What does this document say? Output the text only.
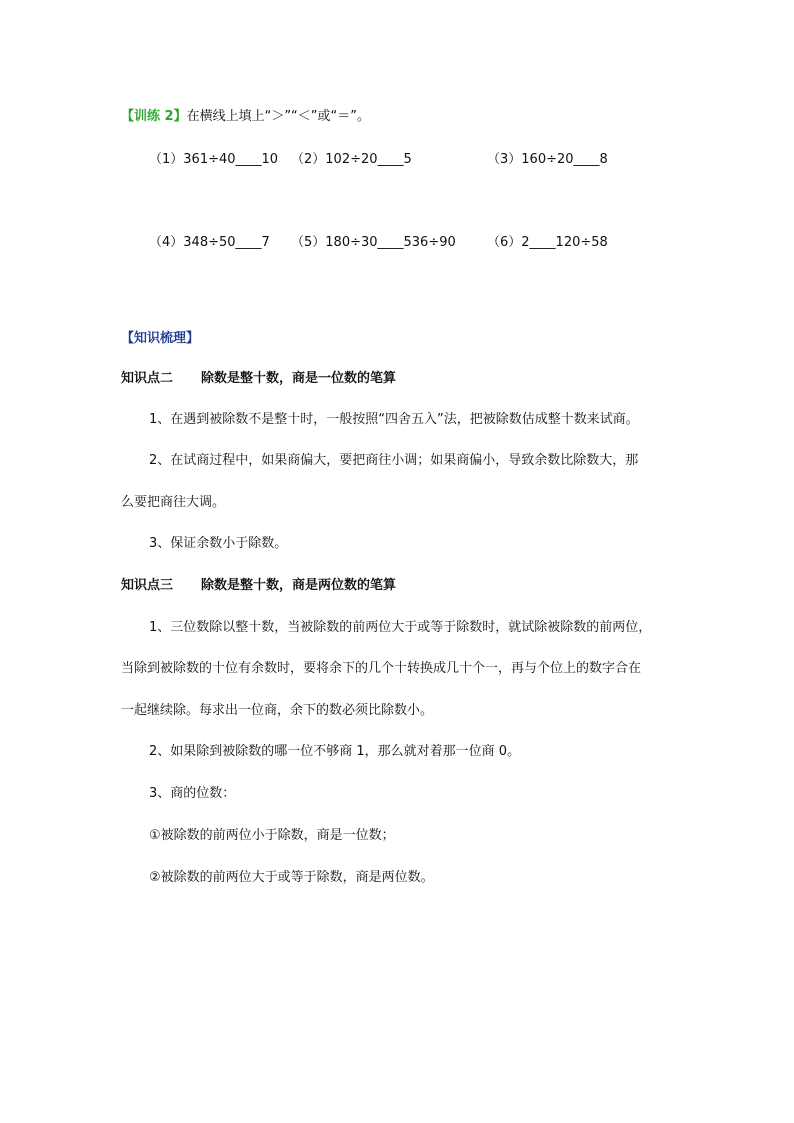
【训练 2】在横线上填上“＞”“＜”或“＝”。
（1）361÷40____10 （2）102÷20____5	（3）160÷20____8
（4）348÷50____7 （5）180÷30____536÷90 （6）2____120÷58
【知识梳理】
知识点二 除数是整十数，商是一位数的笔算
1、在遇到被除数不是整十时，一般按照“四舍五入”法，把被除数估成整十数来试商。
2、在试商过程中，如果商偏大，要把商往小调；如果商偏小，导致余数比除数大，那
么要把商往大调。
3、保证余数小于除数。
知识点三 除数是整十数，商是两位数的笔算
1、三位数除以整十数，当被除数的前两位大于或等于除数时，就试除被除数的前两位，
当除到被除数的十位有余数时，要将余下的几个十转换成几十个一，再与个位上的数字合在
一起继续除。每求出一位商，余下的数必须比除数小。
2、如果除到被除数的哪一位不够商 1，那么就对着那一位商 0。
3、商的位数：
①被除数的前两位小于除数，商是一位数；
②被除数的前两位大于或等于除数，商是两位数。
